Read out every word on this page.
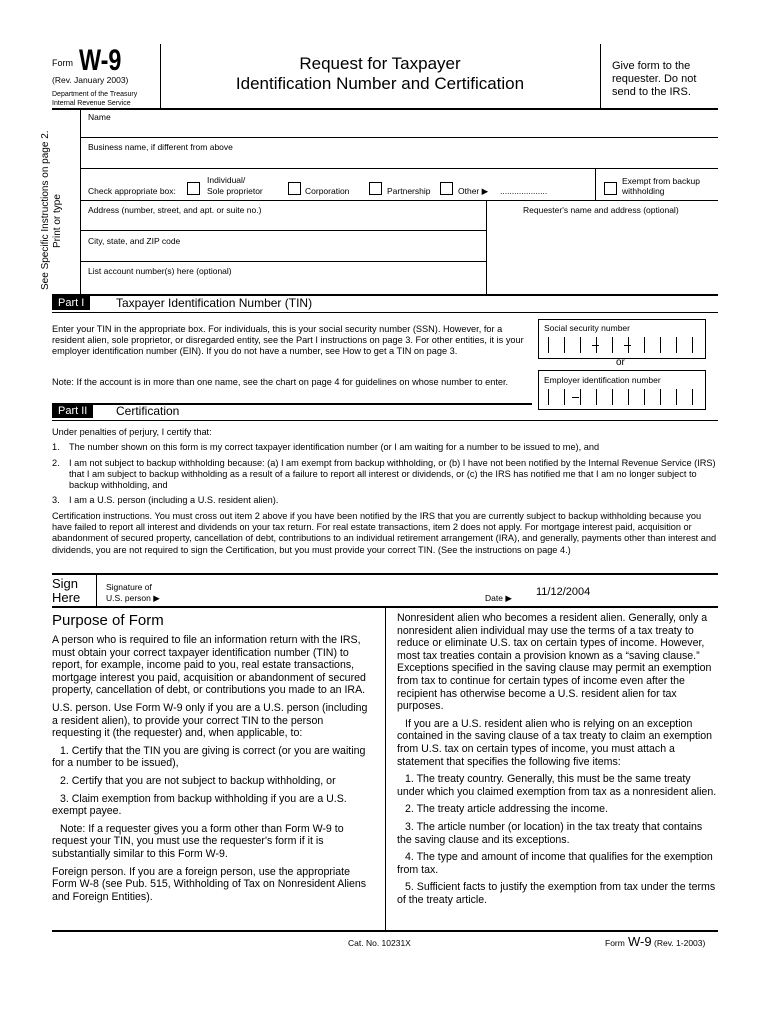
Form W-9
(Rev. January 2003)
Department of the Treasury
Internal Revenue Service
Request for Taxpayer
Identification Number and Certification
Give form to the requester. Do not send to the IRS.
See Specific Instructions on page 2. Print or type
Name
Business name, if different from above
Check appropriate box:
Individual/
Sole proprietor	Corporation	Partnership	Other ▶ ....................
Exempt from backup
withholding
Address (number, street, and apt. or suite no.)	Requester's name and address (optional)
City, state, and ZIP code
List account number(s) here (optional)
Part I	Taxpayer Identification Number (TIN)
Enter your TIN in the appropriate box. For individuals, this is your social security number (SSN). However, for a resident alien, sole proprietor, or disregarded entity, see the Part I instructions on page 3. For other entities, it is your employer identification number (EIN). If you do not have a number, see How to get a TIN on page 3.
Note: If the account is in more than one name, see the chart on page 4 for guidelines on whose number to enter.
Social security number
or
Employer identification number
Part II	Certification
Under penalties of perjury, I certify that:
1. The number shown on this form is my correct taxpayer identification number (or I am waiting for a number to be issued to me), and
2. I am not subject to backup withholding because: (a) I am exempt from backup withholding, or (b) I have not been notified by the Internal Revenue Service (IRS) that I am subject to backup withholding as a result of a failure to report all interest or dividends, or (c) the IRS has notified me that I am no longer subject to backup withholding, and
3. I am a U.S. person (including a U.S. resident alien).
Certification instructions. You must cross out item 2 above if you have been notified by the IRS that you are currently subject to backup withholding because you have failed to report all interest and dividends on your tax return. For real estate transactions, item 2 does not apply. For mortgage interest paid, acquisition or abandonment of secured property, cancellation of debt, contributions to an individual retirement arrangement (IRA), and generally, payments other than interest and dividends, you are not required to sign the Certification, but you must provide your correct TIN. (See the instructions on page 4.)
Sign
Here
Signature of
U.S. person ▶	Date ▶ 11/12/2004
Purpose of Form

A person who is required to file an information return with the IRS, must obtain your correct taxpayer identification number (TIN) to report, for example, income paid to you, real estate transactions, mortgage interest you paid, acquisition or abandonment of secured property, cancellation of debt, or contributions you made to an IRA.

U.S. person. Use Form W-9 only if you are a U.S. person (including a resident alien), to provide your correct TIN to the person requesting it (the requester) and, when applicable, to:

1. Certify that the TIN you are giving is correct (or you are waiting for a number to be issued),

2. Certify that you are not subject to backup withholding, or

3. Claim exemption from backup withholding if you are a U.S. exempt payee.

Note: If a requester gives you a form other than Form W-9 to request your TIN, you must use the requester's form if it is substantially similar to this Form W-9.

Foreign person. If you are a foreign person, use the appropriate Form W-8 (see Pub. 515, Withholding of Tax on Nonresident Aliens and Foreign Entities).

Nonresident alien who becomes a resident alien. Generally, only a nonresident alien individual may use the terms of a tax treaty to reduce or eliminate U.S. tax on certain types of income. However, most tax treaties contain a provision known as a “saving clause.” Exceptions specified in the saving clause may permit an exemption from tax to continue for certain types of income even after the recipient has otherwise become a U.S. resident alien for tax purposes.

If you are a U.S. resident alien who is relying on an exception contained in the saving clause of a tax treaty to claim an exemption from U.S. tax on certain types of income, you must attach a statement that specifies the following five items:

1. The treaty country. Generally, this must be the same treaty under which you claimed exemption from tax as a nonresident alien.

2. The treaty article addressing the income.

3. The article number (or location) in the tax treaty that contains the saving clause and its exceptions.

4. The type and amount of income that qualifies for the exemption from tax.

5. Sufficient facts to justify the exemption from tax under the terms of the treaty article.

Cat. No. 10231X	Form W-9 (Rev. 1-2003)
